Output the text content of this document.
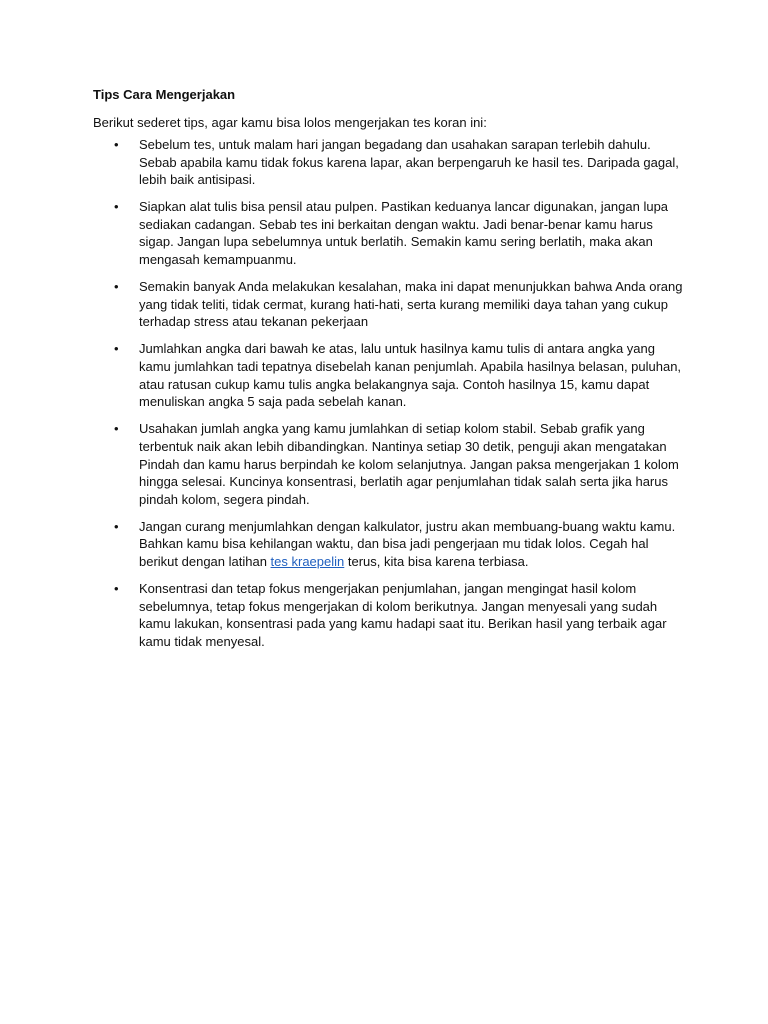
Tips Cara Mengerjakan
Berikut sederet tips, agar kamu bisa lolos mengerjakan tes koran ini:
• Sebelum tes, untuk malam hari jangan begadang dan usahakan sarapan terlebih dahulu. Sebab apabila kamu tidak fokus karena lapar, akan berpengaruh ke hasil tes. Daripada gagal, lebih baik antisipasi.
• Siapkan alat tulis bisa pensil atau pulpen. Pastikan keduanya lancar digunakan, jangan lupa sediakan cadangan. Sebab tes ini berkaitan dengan waktu. Jadi benar-benar kamu harus sigap. Jangan lupa sebelumnya untuk berlatih. Semakin kamu sering berlatih, maka akan mengasah kemampuanmu.
• Semakin banyak Anda melakukan kesalahan, maka ini dapat menunjukkan bahwa Anda orang yang tidak teliti, tidak cermat, kurang hati-hati, serta kurang memiliki daya tahan yang cukup terhadap stress atau tekanan pekerjaan
• Jumlahkan angka dari bawah ke atas, lalu untuk hasilnya kamu tulis di antara angka yang kamu jumlahkan tadi tepatnya disebelah kanan penjumlah. Apabila hasilnya belasan, puluhan, atau ratusan cukup kamu tulis angka belakangnya saja. Contoh hasilnya 15, kamu dapat menuliskan angka 5 saja pada sebelah kanan.
• Usahakan jumlah angka yang kamu jumlahkan di setiap kolom stabil. Sebab grafik yang terbentuk naik akan lebih dibandingkan. Nantinya setiap 30 detik, penguji akan mengatakan Pindah dan kamu harus berpindah ke kolom selanjutnya. Jangan paksa mengerjakan 1 kolom hingga selesai. Kuncinya konsentrasi, berlatih agar penjumlahan tidak salah serta jika harus pindah kolom, segera pindah.
• Jangan curang menjumlahkan dengan kalkulator, justru akan membuang-buang waktu kamu. Bahkan kamu bisa kehilangan waktu, dan bisa jadi pengerjaan mu tidak lolos. Cegah hal berikut dengan latihan tes kraepelin terus, kita bisa karena terbiasa.
• Konsentrasi dan tetap fokus mengerjakan penjumlahan, jangan mengingat hasil kolom sebelumnya, tetap fokus mengerjakan di kolom berikutnya. Jangan menyesali yang sudah kamu lakukan, konsentrasi pada yang kamu hadapi saat itu. Berikan hasil yang terbaik agar kamu tidak menyesal.
